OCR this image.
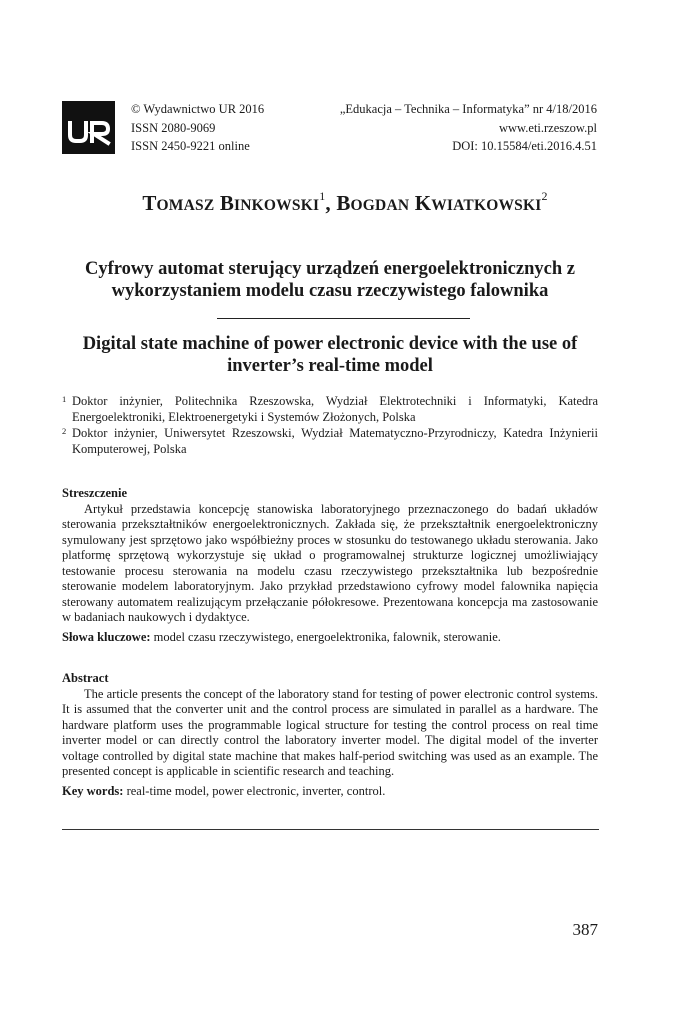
© Wydawnictwo UR 2016
ISSN 2080-9069
ISSN 2450-9221 online
„Edukacja – Technika – Informatyka” nr 4/18/2016
www.eti.rzeszow.pl
DOI: 10.15584/eti.2016.4.51
TOMASZ BINKOWSKI$^1$, BOGDAN KWIATKOWSKI$^2$
Cyfrowy automat sterujący urządzeń energoelektronicznych z wykorzystaniem modelu czasu rzeczywistego falownika
Digital state machine of power electronic device with the use of inverter’s real-time model
1 Doktor inżynier, Politechnika Rzeszowska, Wydział Elektrotechniki i Informatyki, Katedra Energoelektroniki, Elektroenergetyki i Systemów Złożonych, Polska
2 Doktor inżynier, Uniwersytet Rzeszowski, Wydział Matematyczno-Przyrodniczy, Katedra Inżynierii Komputerowej, Polska
Streszczenie
Artykuł przedstawia koncepcję stanowiska laboratoryjnego przeznaczonego do badań układów sterowania przekształtników energoelektronicznych. Zakłada się, że przekształtnik energoelektroniczny symulowany jest sprzętowo jako współbieżny proces w stosunku do testowanego układu sterowania. Jako platformę sprzętową wykorzystuje się układ o programowalnej strukturze logicznej umożliwiający testowanie procesu sterowania na modelu czasu rzeczywistego przekształtnika lub bezpośrednie sterowanie modelem laboratoryjnym. Jako przykład przedstawiono cyfrowy model falownika napięcia sterowany automatem realizującym przełączanie półokresowe. Prezentowana koncepcja ma zastosowanie w badaniach naukowych i dydaktyce.
Słowa kluczowe: model czasu rzeczywistego, energoelektronika, falownik, sterowanie.
Abstract
The article presents the concept of the laboratory stand for testing of power electronic control systems. It is assumed that the converter unit and the control process are simulated in parallel as a hardware. The hardware platform uses the programmable logical structure for testing the control process on real time inverter model or can directly control the laboratory inverter model. The digital model of the inverter voltage controlled by digital state machine that makes half-period switching was used as an example. The presented concept is applicable in scientific research and teaching.
Key words: real-time model, power electronic, inverter, control.
387
